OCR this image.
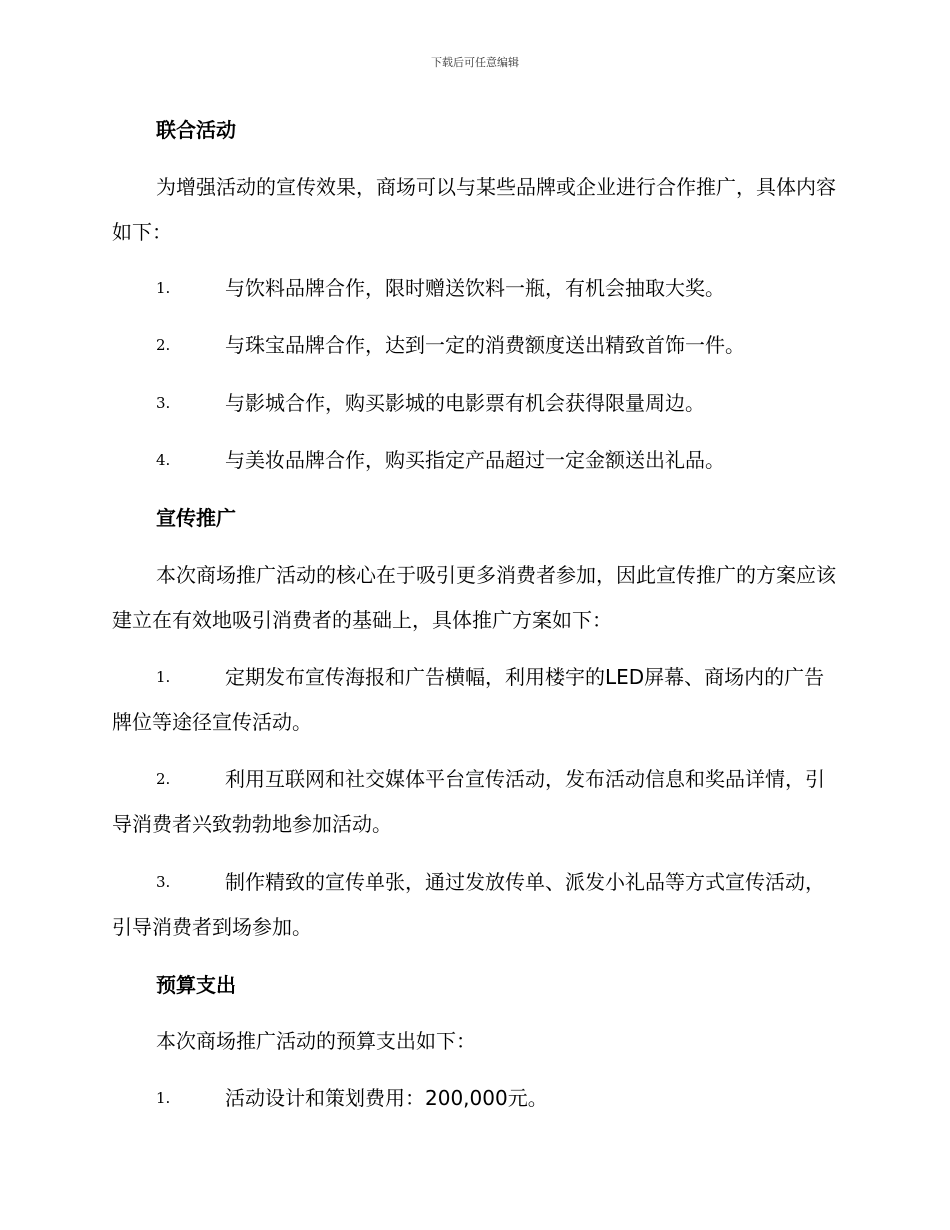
下载后可任意编辑
联合活动
为增强活动的宣传效果，商场可以与某些品牌或企业进行合作推广，具体内容如下：
1.	与饮料品牌合作，限时赠送饮料一瓶，有机会抽取大奖。
2.	与珠宝品牌合作，达到一定的消费额度送出精致首饰一件。
3.	与影城合作，购买影城的电影票有机会获得限量周边。
4.	与美妆品牌合作，购买指定产品超过一定金额送出礼品。
宣传推广
本次商场推广活动的核心在于吸引更多消费者参加，因此宣传推广的方案应该建立在有效地吸引消费者的基础上，具体推广方案如下：
1.	定期发布宣传海报和广告横幅，利用楼宇的LED屏幕、商场内的广告牌位等途径宣传活动。
2.	利用互联网和社交媒体平台宣传活动，发布活动信息和奖品详情，引导消费者兴致勃勃地参加活动。
3.	制作精致的宣传单张，通过发放传单、派发小礼品等方式宣传活动，引导消费者到场参加。
预算支出
本次商场推广活动的预算支出如下：
1.	活动设计和策划费用：200,000元。
